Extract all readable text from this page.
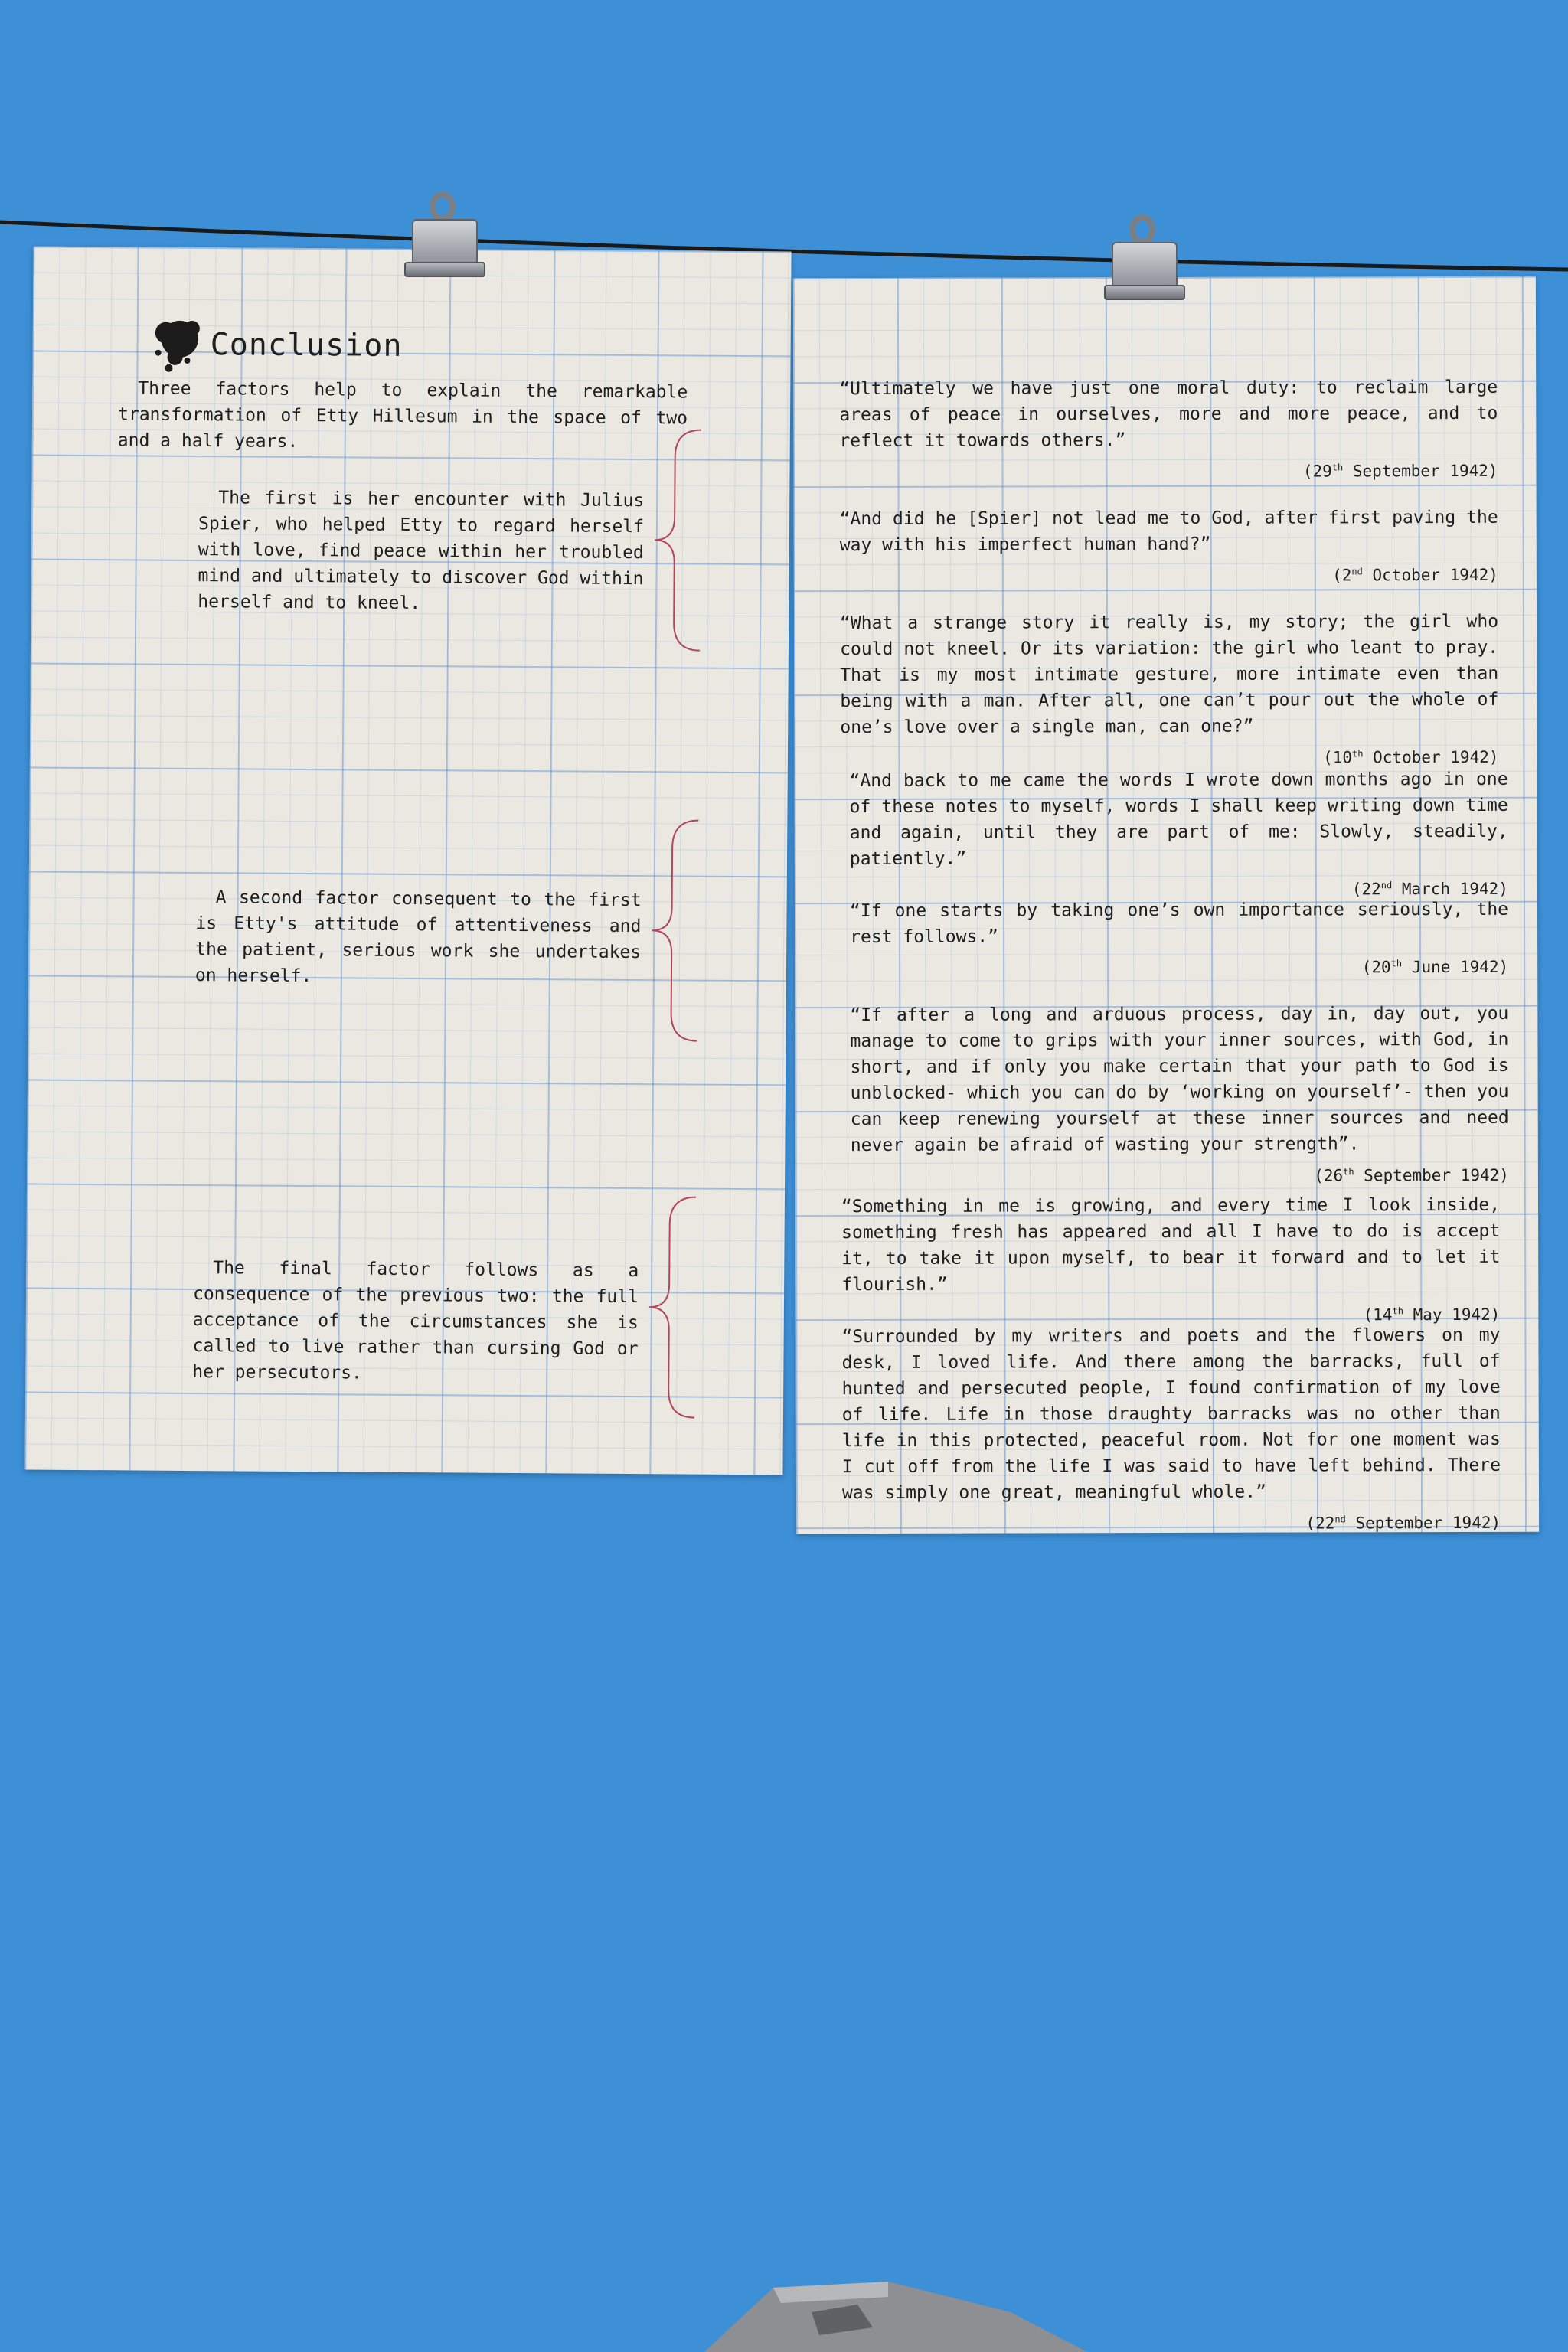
Conclusion
Three factors help to explain the remarkable transformation of Etty Hillesum in the space of two and a half years.
The first is her encounter with Julius Spier, who helped Etty to regard herself with love, find peace within her troubled mind and ultimately to discover God within herself and to kneel.
A second factor consequent to the first is Etty's attitude of attentiveness and the patient, serious work she undertakes on herself.
The final factor follows as a consequence of the previous two: the full acceptance of the circumstances she is called to live rather than cursing God or her persecutors.

“Ultimately we have just one moral duty: to reclaim large areas of peace in ourselves, more and more peace, and to reflect it towards others.”

(29th September 1942)

“And did he [Spier] not lead me to God, after first paving the way with his imperfect human hand?”

(2nd October 1942)

“What a strange story it really is, my story; the girl who could not kneel. Or its variation: the girl who leant to pray. That is my most intimate gesture, more intimate even than being with a man. After all, one can’t pour out the whole of one’s love over a single man, can one?”

(10th October 1942)

“And back to me came the words I wrote down months ago in one of these notes to myself, words I shall keep writing down time and again, until they are part of me: Slowly, steadily, patiently.”

(22nd March 1942)

“If one starts by taking one’s own importance seriously, the rest follows.”

(20th June 1942)

“If after a long and arduous process, day in, day out, you manage to come to grips with your inner sources, with God, in short, and if only you make certain that your path to God is unblocked- which you can do by ‘working on yourself’- then you can keep renewing yourself at these inner sources and need never again be afraid of wasting your strength”.

(26th September 1942)

“Something in me is growing, and every time I look inside, something fresh has appeared and all I have to do is accept it, to take it upon myself, to bear it forward and to let it flourish.”

(14th May 1942)

“Surrounded by my writers and poets and the flowers on my desk, I loved life. And there among the barracks, full of hunted and persecuted people, I found confirmation of my love of life. Life in those draughty barracks was no other than life in this protected, peaceful room. Not for one moment was I cut off from the life I was said to have left behind. There was simply one great, meaningful whole.”

(22nd September 1942)
